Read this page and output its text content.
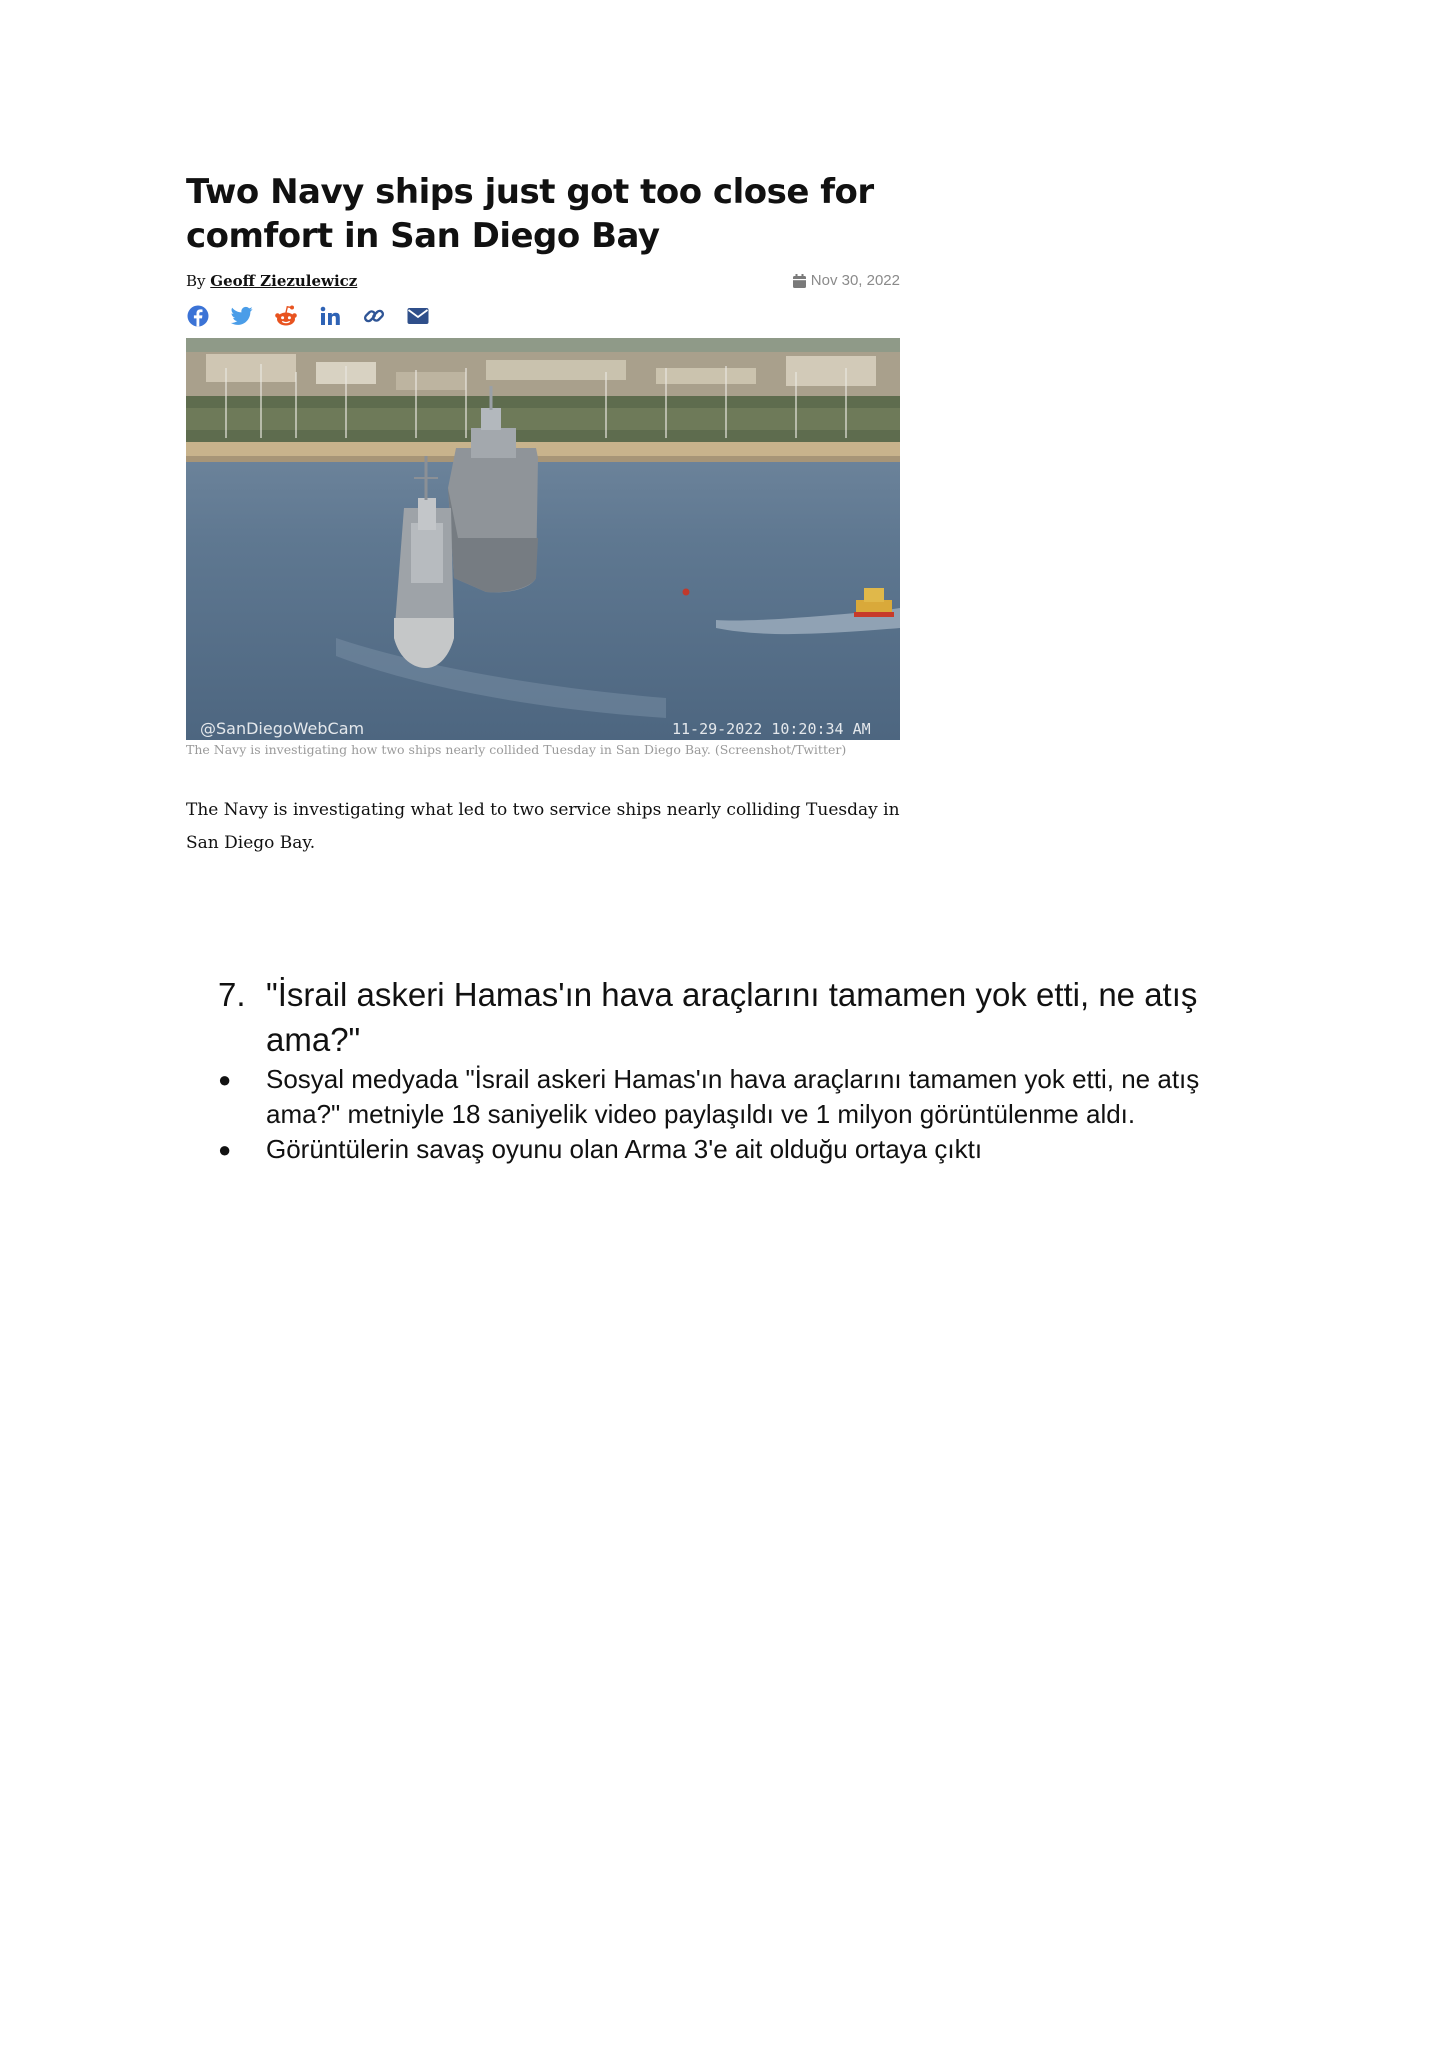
Two Navy ships just got too close for comfort in San Diego Bay
By Geoff Ziezulewicz	Nov 30, 2022
@SanDiegoWebCam	11-29-2022 10:20:34 AM
The Navy is investigating how two ships nearly collided Tuesday in San Diego Bay. (Screenshot/Twitter)

The Navy is investigating what led to two service ships nearly colliding Tuesday in San Diego Bay.

7. "İsrail askeri Hamas'ın hava araçlarını tamamen yok etti, ne atış ama?"
●	Sosyal medyada "İsrail askeri Hamas'ın hava araçlarını tamamen yok etti, ne atış ama?" metniyle 18 saniyelik video paylaşıldı ve 1 milyon görüntülenme aldı.
●	Görüntülerin savaş oyunu olan Arma 3'e ait olduğu ortaya çıktı
